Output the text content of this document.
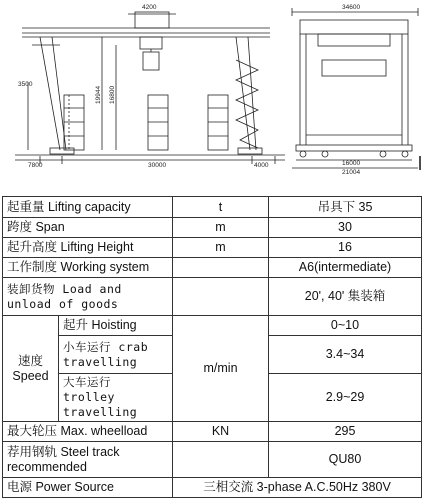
4200
3500
19944 16800
7800	30000	4000
34600
16000
21004
起重量 Lifting capacity		t	吊具下 35
跨度 Span		m	30
起升高度 Lifting Height		m	16
工作制度 Working system			A6(intermediate)
装卸货物 Load and unload of goods			20', 40' 集装箱
速度 Speed	起升 Hoisting	m/min	0~10
	小车运行 crab travelling		3.4~34
	大车运行 trolley travelling		2.9~29
最大轮压 Max. wheelload		KN	295
荐用钢轨 Steel track recommended			QU80
电源 Power Source		三相交流 3-phase A.C.50Hz 380V	
